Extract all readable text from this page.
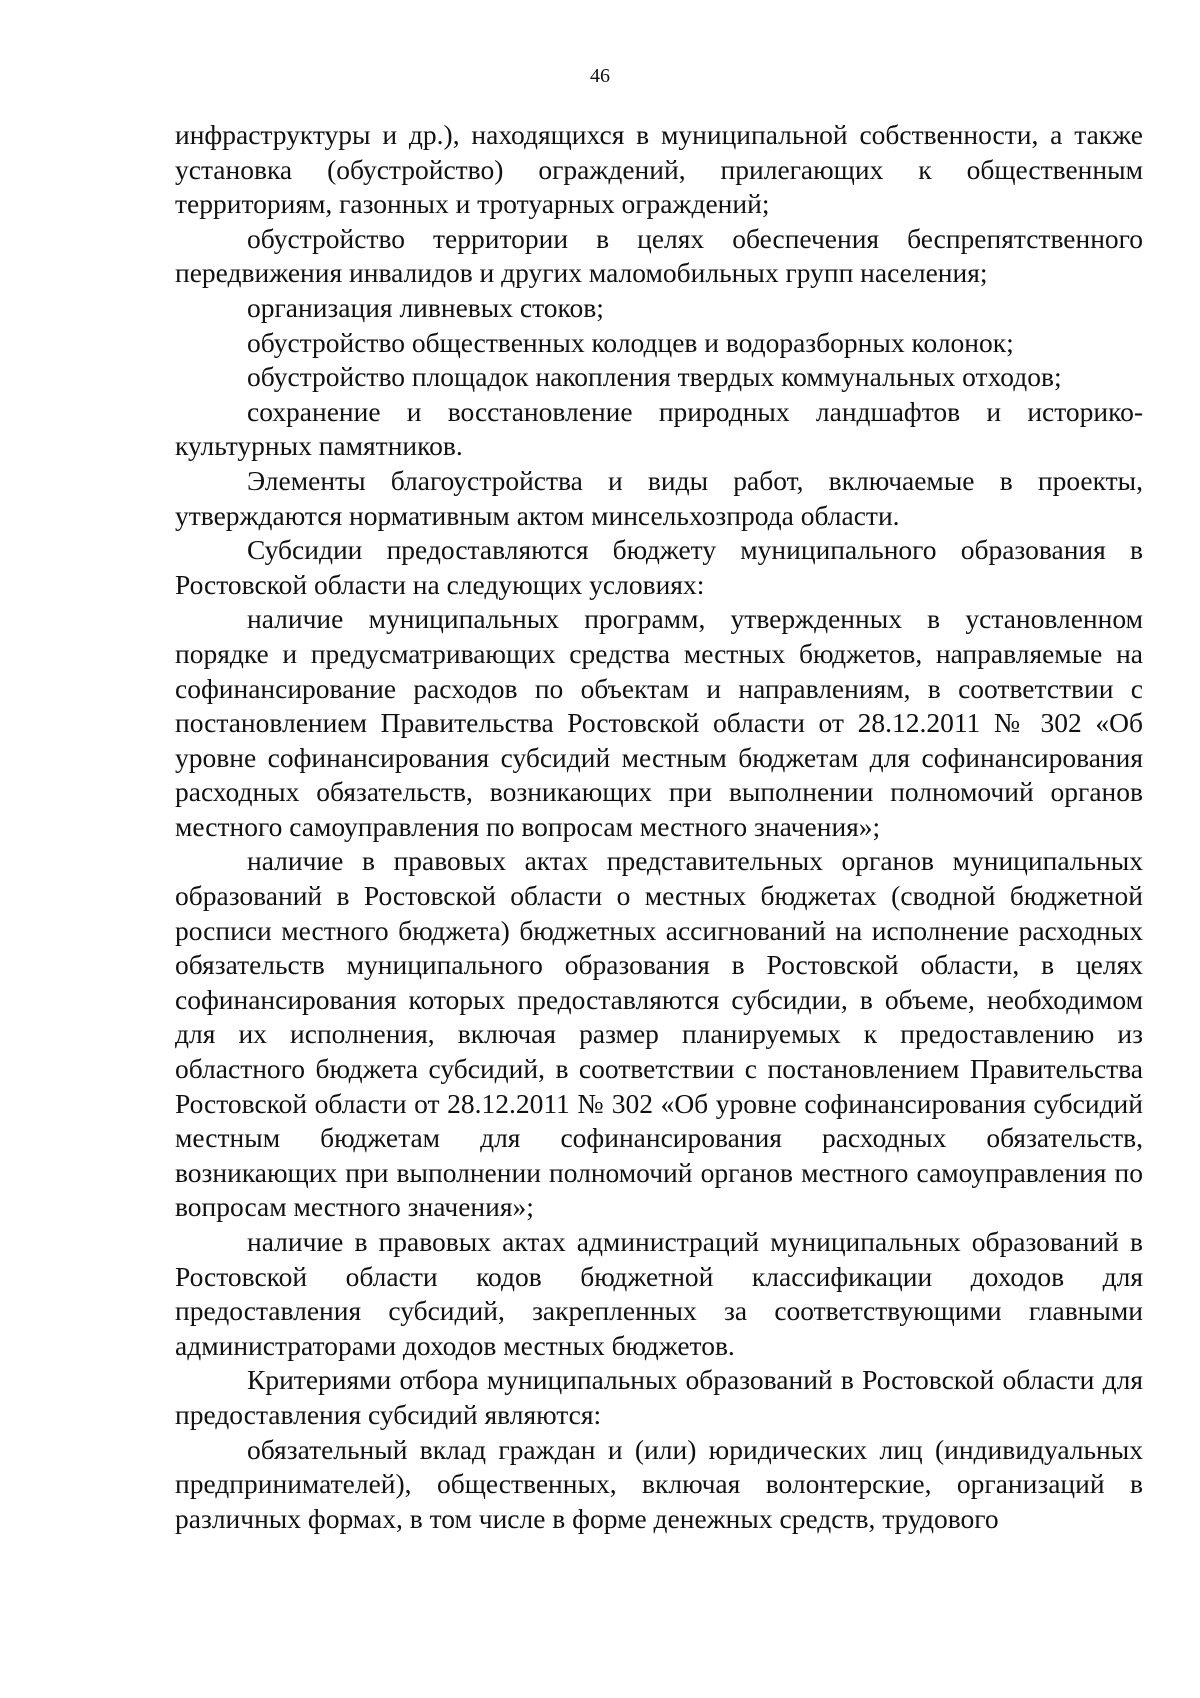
46

инфраструктуры и др.), находящихся в муниципальной собственности, а также установка (обустройство) ограждений, прилегающих к общественным территориям, газонных и тротуарных ограждений;

обустройство территории в целях обеспечения беспрепятственного передвижения инвалидов и других маломобильных групп населения;

организация ливневых стоков;

обустройство общественных колодцев и водоразборных колонок;

обустройство площадок накопления твердых коммунальных отходов;

сохранение и восстановление природных ландшафтов и историко-культурных памятников.

Элементы благоустройства и виды работ, включаемые в проекты, утверждаются нормативным актом минсельхозпрода области.

Субсидии предоставляются бюджету муниципального образования в Ростовской области на следующих условиях:

наличие муниципальных программ, утвержденных в установленном порядке и предусматривающих средства местных бюджетов, направляемые на софинансирование расходов по объектам и направлениям, в соответствии с постановлением Правительства Ростовской области от 28.12.2011 № 302 «Об уровне софинансирования субсидий местным бюджетам для софинансирования расходных обязательств, возникающих при выполнении полномочий органов местного самоуправления по вопросам местного значения»;

наличие в правовых актах представительных органов муниципальных образований в Ростовской области о местных бюджетах (сводной бюджетной росписи местного бюджета) бюджетных ассигнований на исполнение расходных обязательств муниципального образования в Ростовской области, в целях софинансирования которых предоставляются субсидии, в объеме, необходимом для их исполнения, включая размер планируемых к предоставлению из областного бюджета субсидий, в соответствии с постановлением Правительства Ростовской области от 28.12.2011 № 302 «Об уровне софинансирования субсидий местным бюджетам для софинансирования расходных обязательств, возникающих при выполнении полномочий органов местного самоуправления по вопросам местного значения»;

наличие в правовых актах администраций муниципальных образований в Ростовской области кодов бюджетной классификации доходов для предоставления субсидий, закрепленных за соответствующими главными администраторами доходов местных бюджетов.

Критериями отбора муниципальных образований в Ростовской области для предоставления субсидий являются:

обязательный вклад граждан и (или) юридических лиц (индивидуальных предпринимателей), общественных, включая волонтерские, организаций в различных формах, в том числе в форме денежных средств, трудового
